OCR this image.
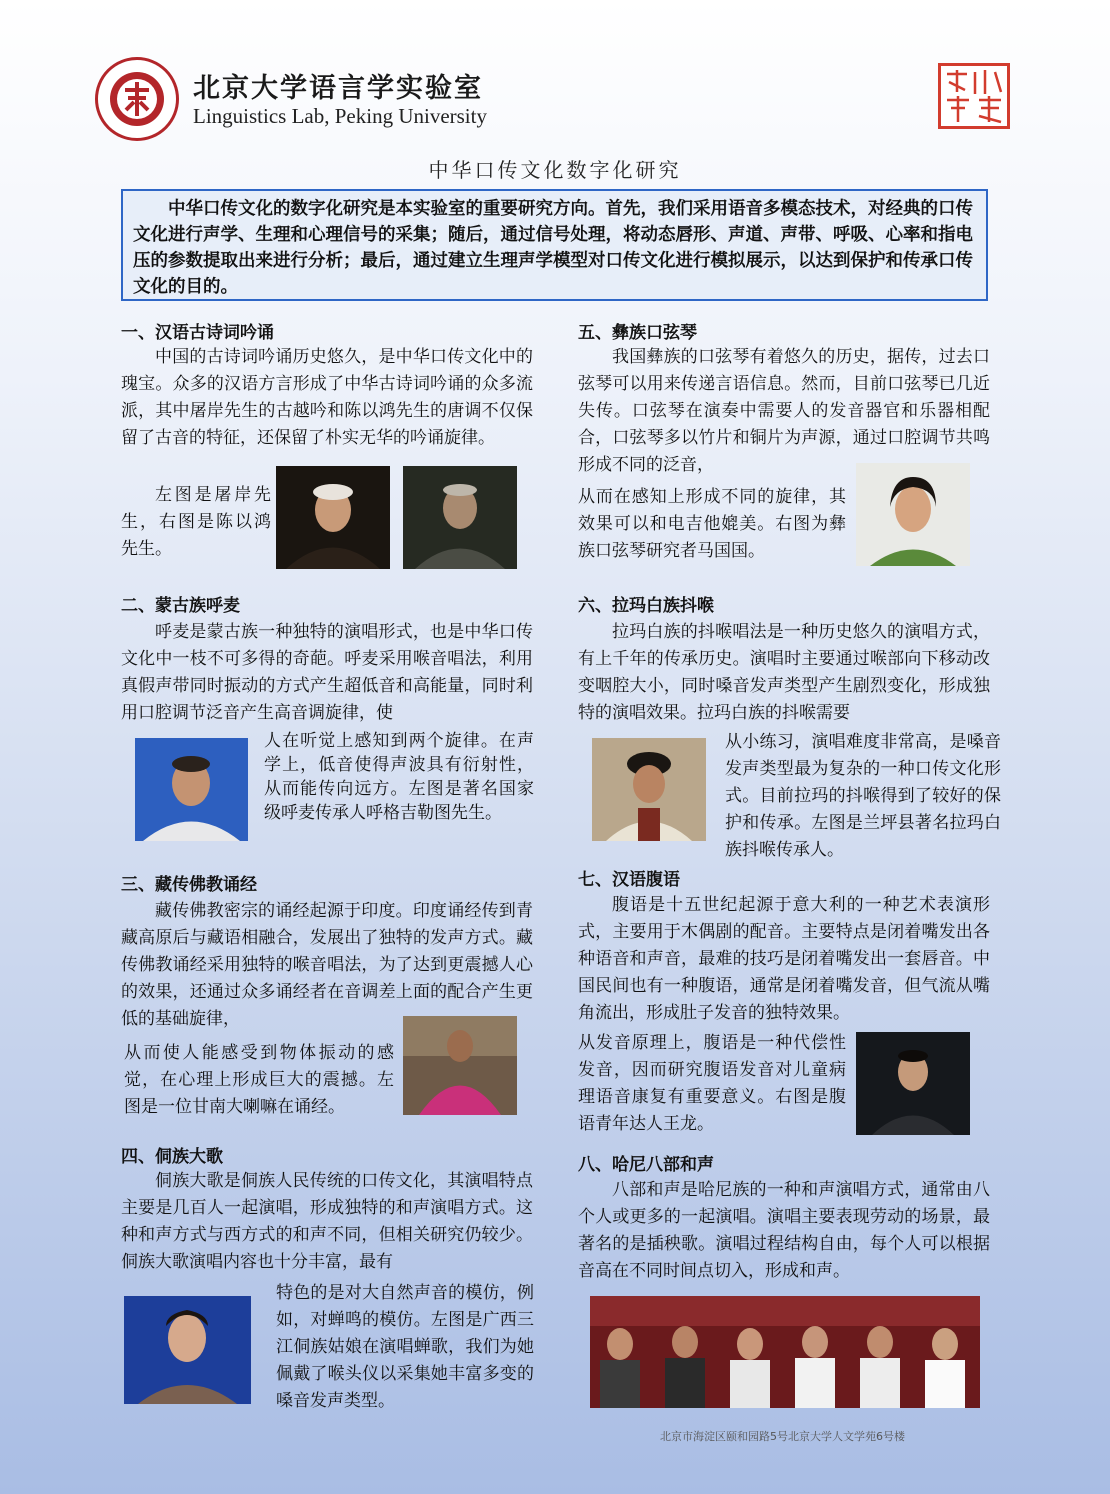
北京大学语言学实验室
Linguistics Lab, Peking University
中华口传文化数字化研究
中华口传文化的数字化研究是本实验室的重要研究方向。首先，我们采用语音多模态技术，对经典的口传文化进行声学、生理和心理信号的采集；随后，通过信号处理，将动态唇形、声道、声带、呼吸、心率和指电压的参数提取出来进行分析；最后，通过建立生理声学模型对口传文化进行模拟展示，以达到保护和传承口传文化的目的。
一、汉语古诗词吟诵
中国的古诗词吟诵历史悠久，是中华口传文化中的瑰宝。众多的汉语方言形成了中华古诗词吟诵的众多流派，其中屠岸先生的古越吟和陈以鸿先生的唐调不仅保留了古音的特征，还保留了朴实无华的吟诵旋律。
左图是屠岸先生，右图是陈以鸿先生。
二、蒙古族呼麦
呼麦是蒙古族一种独特的演唱形式，也是中华口传文化中一枝不可多得的奇葩。呼麦采用喉音唱法，利用真假声带同时振动的方式产生超低音和高能量，同时利用口腔调节泛音产生高音调旋律，使
人在听觉上感知到两个旋律。在声学上，低音使得声波具有衍射性，从而能传向远方。左图是著名国家级呼麦传承人呼格吉勒图先生。
三、藏传佛教诵经
藏传佛教密宗的诵经起源于印度。印度诵经传到青藏高原后与藏语相融合，发展出了独特的发声方式。藏传佛教诵经采用独特的喉音唱法，为了达到更震撼人心的效果，还通过众多诵经者在音调差上面的配合产生更低的基础旋律，
从而使人能感受到物体振动的感觉，在心理上形成巨大的震撼。左图是一位甘南大喇嘛在诵经。
四、侗族大歌
侗族大歌是侗族人民传统的口传文化，其演唱特点主要是几百人一起演唱，形成独特的和声演唱方式。这种和声方式与西方式的和声不同，但相关研究仍较少。侗族大歌演唱内容也十分丰富，最有
特色的是对大自然声音的模仿，例如，对蝉鸣的模仿。左图是广西三江侗族姑娘在演唱蝉歌，我们为她佩戴了喉头仪以采集她丰富多变的嗓音发声类型。
五、彝族口弦琴
我国彝族的口弦琴有着悠久的历史，据传，过去口弦琴可以用来传递言语信息。然而，目前口弦琴已几近失传。口弦琴在演奏中需要人的发音器官和乐器相配合，口弦琴多以竹片和铜片为声源，通过口腔调节共鸣形成不同的泛音，
从而在感知上形成不同的旋律，其效果可以和电吉他媲美。右图为彝族口弦琴研究者马国国。
六、拉玛白族抖喉
拉玛白族的抖喉唱法是一种历史悠久的演唱方式，有上千年的传承历史。演唱时主要通过喉部向下移动改变咽腔大小，同时嗓音发声类型产生剧烈变化，形成独特的演唱效果。拉玛白族的抖喉需要
从小练习，演唱难度非常高，是嗓音发声类型最为复杂的一种口传文化形式。目前拉玛的抖喉得到了较好的保护和传承。左图是兰坪县著名拉玛白族抖喉传承人。
七、汉语腹语
腹语是十五世纪起源于意大利的一种艺术表演形式，主要用于木偶剧的配音。主要特点是闭着嘴发出各种语音和声音，最难的技巧是闭着嘴发出一套唇音。中国民间也有一种腹语，通常是闭着嘴发音，但气流从嘴角流出，形成肚子发音的独特效果。
从发音原理上，腹语是一种代偿性发音，因而研究腹语发音对儿童病理语音康复有重要意义。右图是腹语青年达人王龙。
八、哈尼八部和声
八部和声是哈尼族的一种和声演唱方式，通常由八个人或更多的一起演唱。演唱主要表现劳动的场景，最著名的是插秧歌。演唱过程结构自由，每个人可以根据音高在不同时间点切入，形成和声。
北京市海淀区颐和园路5号北京大学人文学苑6号楼
